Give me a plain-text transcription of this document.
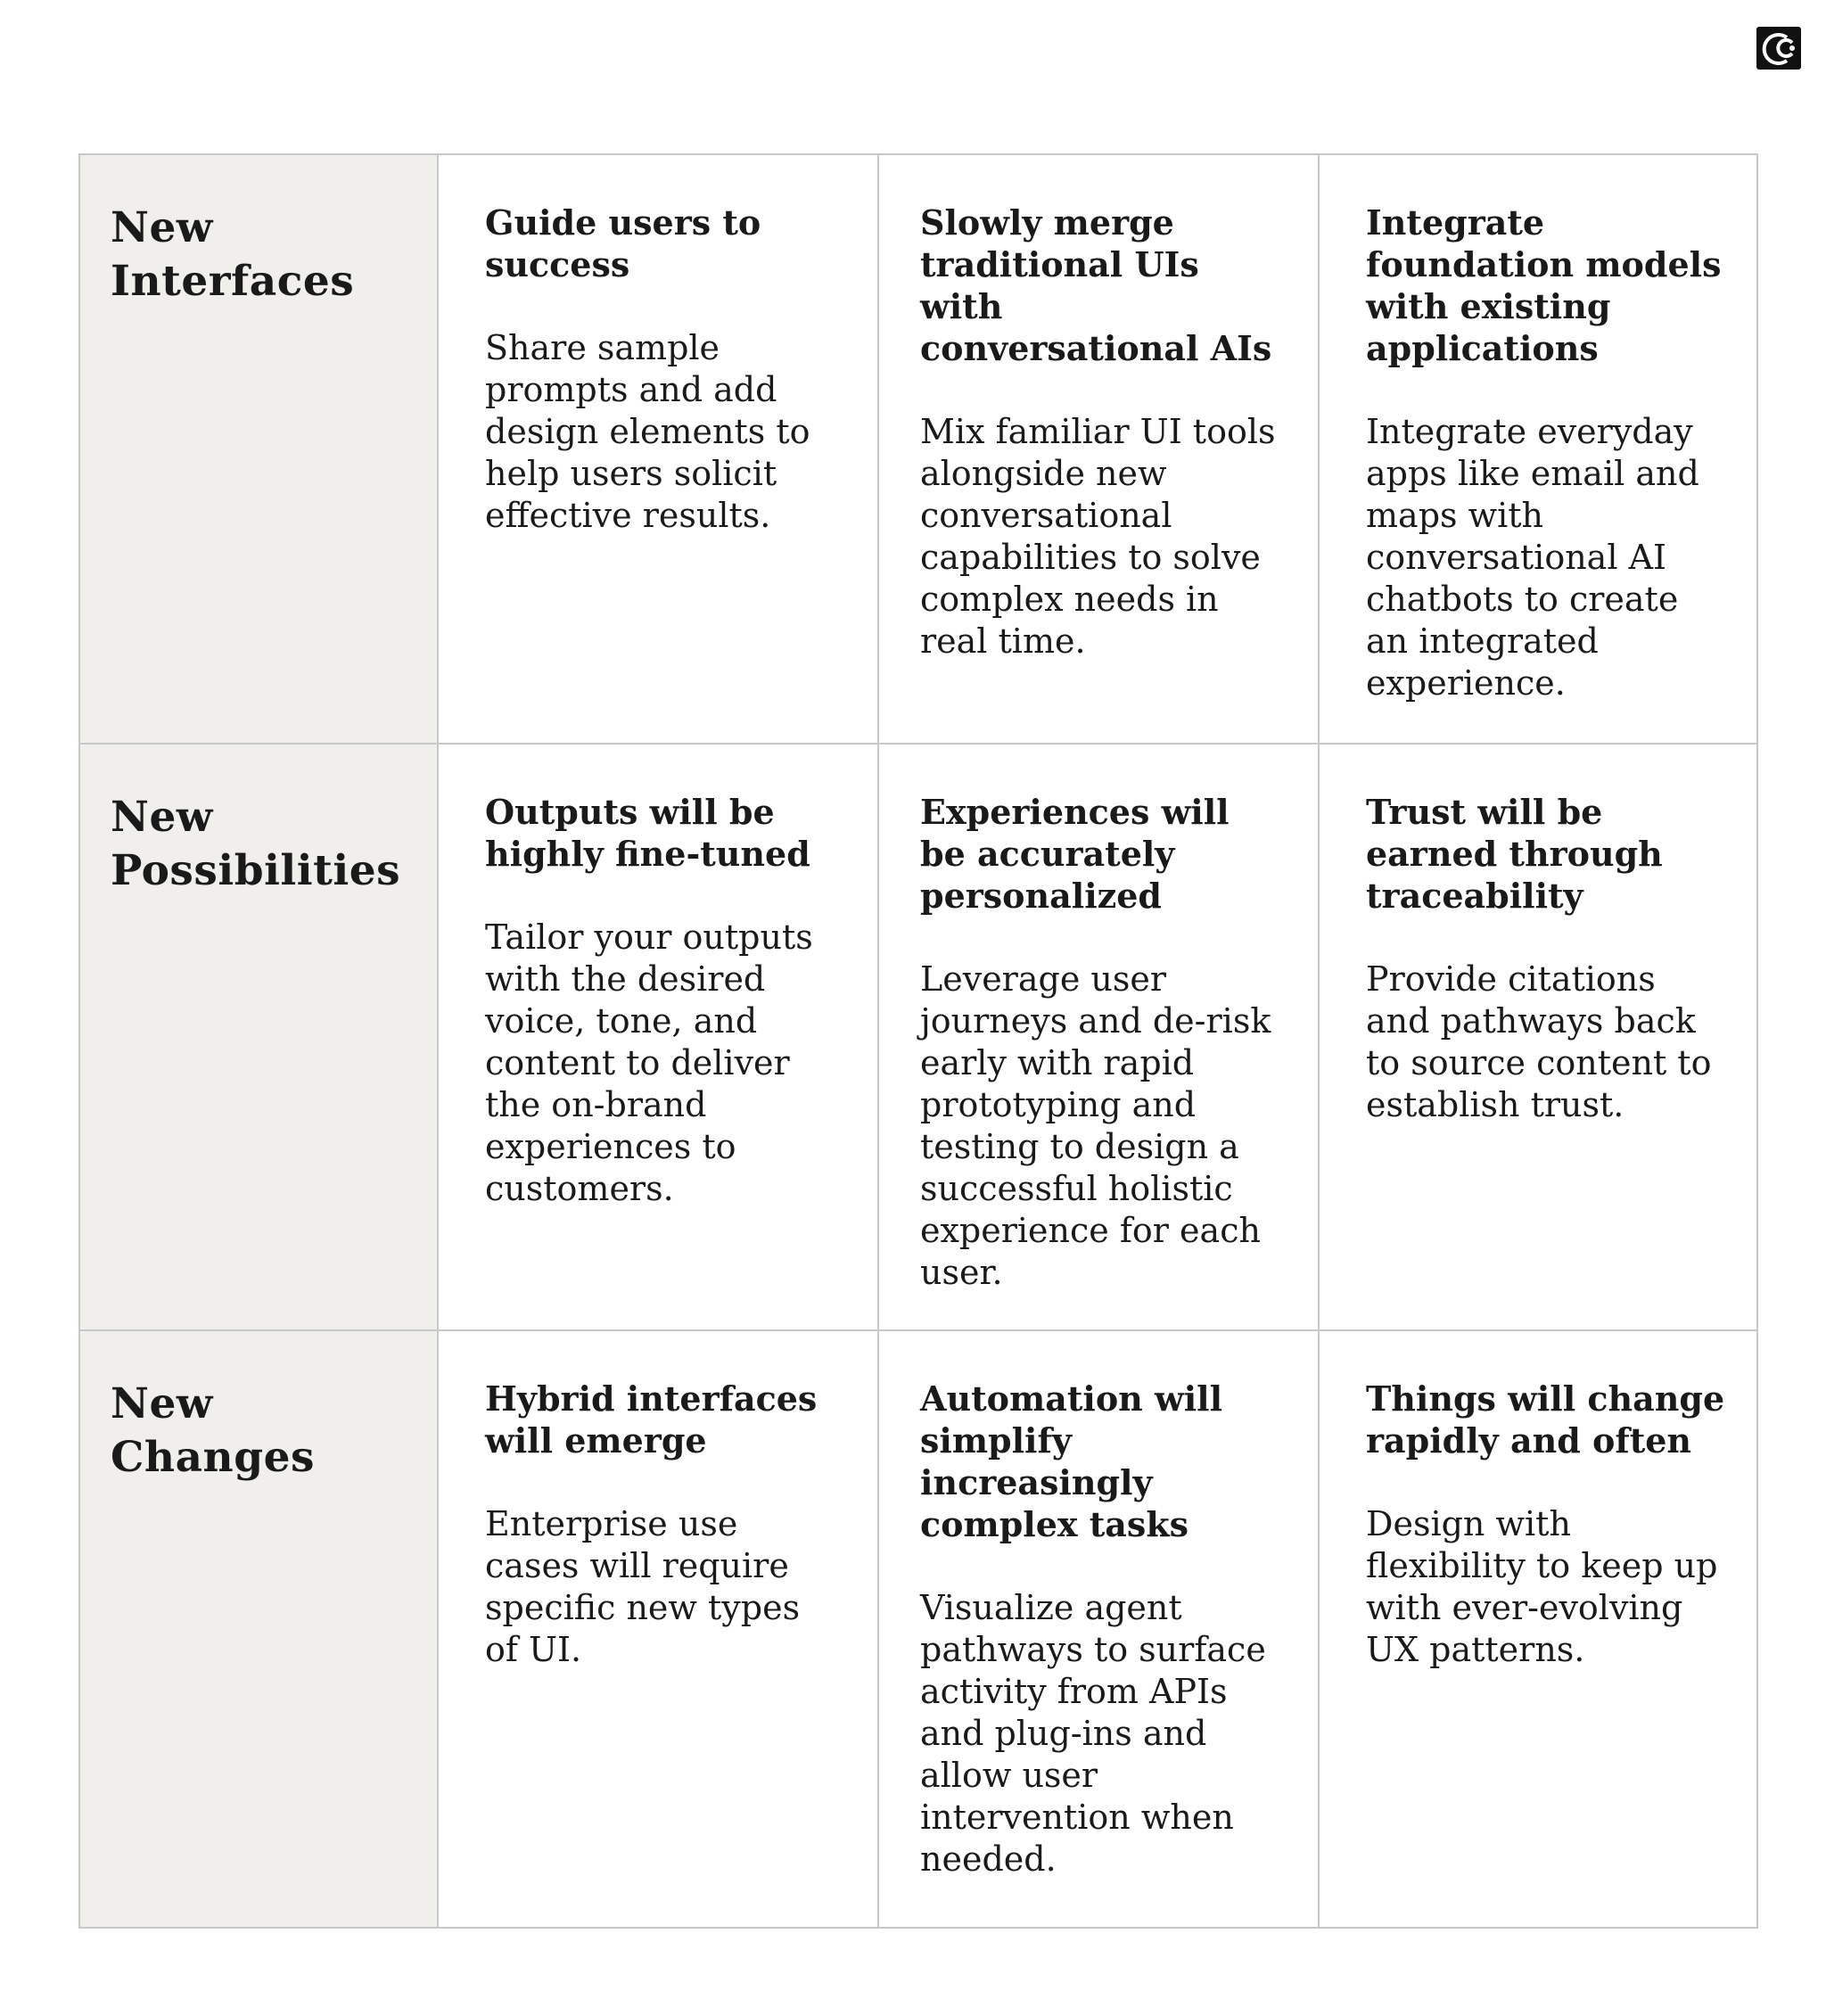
New Interfaces
Guide users to success

Share sample prompts and add design elements to help users solicit effective results.

Slowly merge traditional UIs with conversational AIs

Mix familiar UI tools alongside new conversational capabilities to solve complex needs in real time.

Integrate foundation models with existing applications

Integrate everyday apps like email and maps with conversational AI chatbots to create an integrated experience.

New Possibilities
Outputs will be highly fine-tuned

Tailor your outputs with the desired voice, tone, and content to deliver the on-brand experiences to customers.

Experiences will be accurately personalized

Leverage user journeys and de-risk early with rapid prototyping and testing to design a successful holistic experience for each user.

Trust will be earned through traceability

Provide citations and pathways back to source content to establish trust.

New Changes
Hybrid interfaces will emerge

Enterprise use cases will require specific new types of UI.

Automation will simplify increasingly complex tasks

Visualize agent pathways to surface activity from APIs and plug-ins and allow user intervention when needed.

Things will change rapidly and often

Design with flexibility to keep up with ever-evolving UX patterns.
